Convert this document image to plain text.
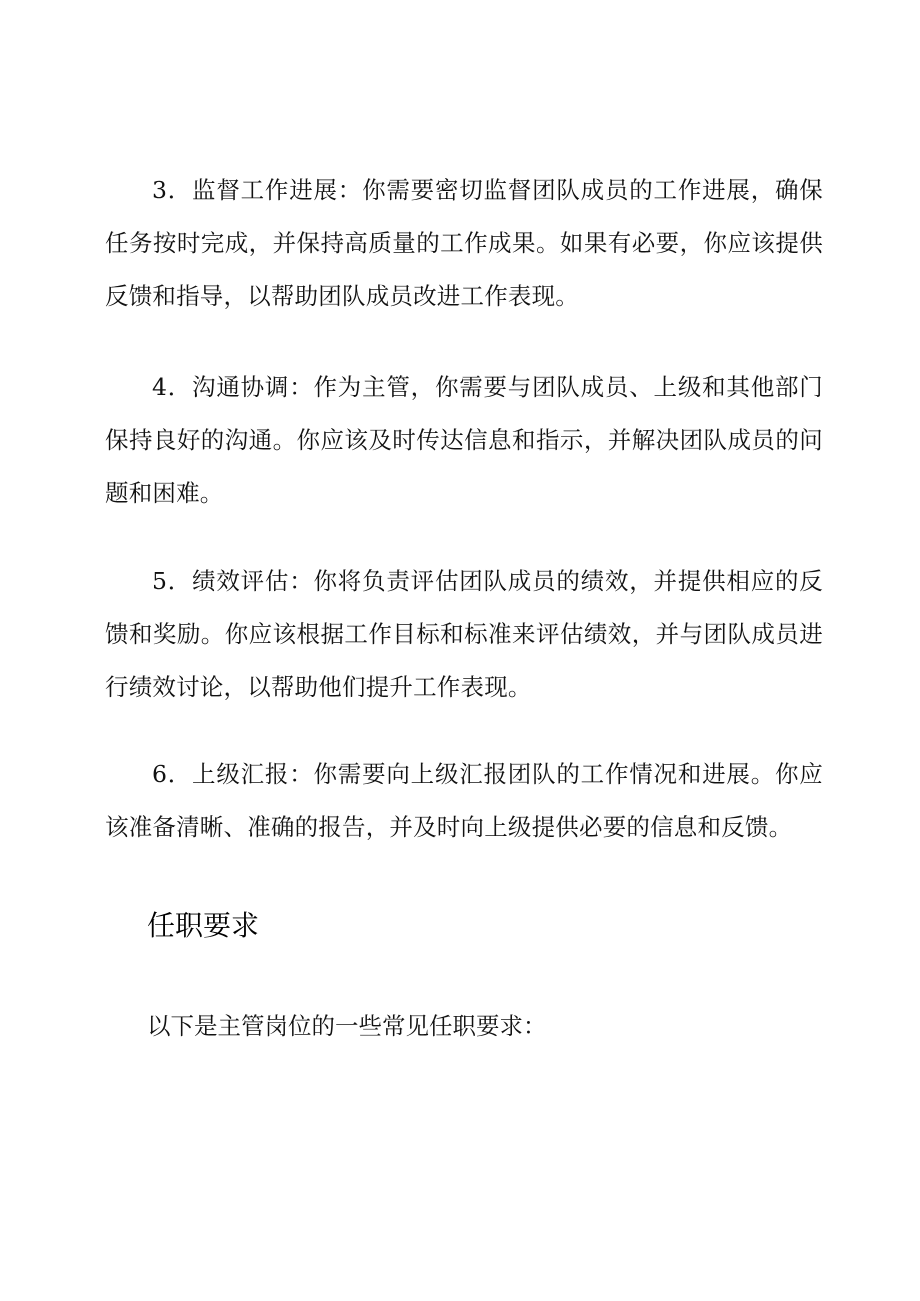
3．监督工作进展：你需要密切监督团队成员的工作进展，确保任务按时完成，并保持高质量的工作成果。如果有必要，你应该提供反馈和指导，以帮助团队成员改进工作表现。

4．沟通协调：作为主管，你需要与团队成员、上级和其他部门保持良好的沟通。你应该及时传达信息和指示，并解决团队成员的问题和困难。

5．绩效评估：你将负责评估团队成员的绩效，并提供相应的反馈和奖励。你应该根据工作目标和标准来评估绩效，并与团队成员进行绩效讨论，以帮助他们提升工作表现。

6．上级汇报：你需要向上级汇报团队的工作情况和进展。你应该准备清晰、准确的报告，并及时向上级提供必要的信息和反馈。

任职要求

以下是主管岗位的一些常见任职要求：
